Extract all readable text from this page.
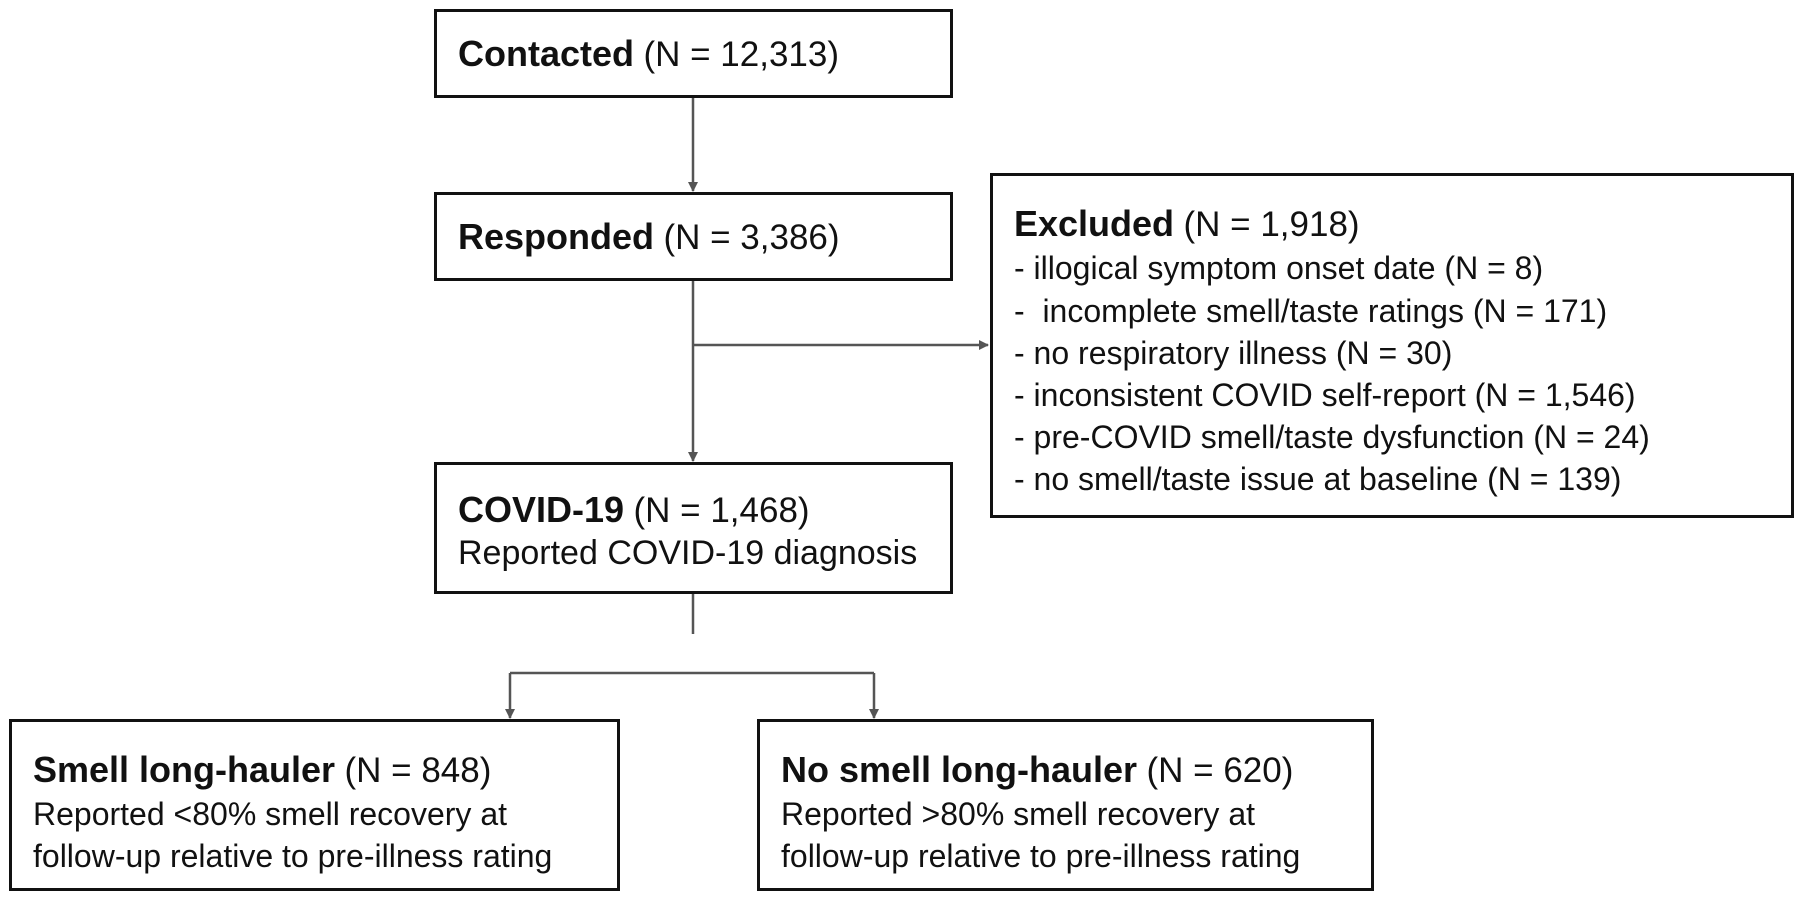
Contacted (N = 12,313)
Responded (N = 3,386)
COVID-19 (N = 1,468)
Reported COVID-19 diagnosis
Excluded (N = 1,918)
- illogical symptom onset date (N = 8)
-  incomplete smell/taste ratings (N = 171)
- no respiratory illness (N = 30)
- inconsistent COVID self-report (N = 1,546)
- pre-COVID smell/taste dysfunction (N = 24)
- no smell/taste issue at baseline (N = 139)
Smell long-hauler (N = 848)
Reported <80% smell recovery at
follow-up relative to pre-illness rating
No smell long-hauler (N = 620)
Reported >80% smell recovery at
follow-up relative to pre-illness rating
